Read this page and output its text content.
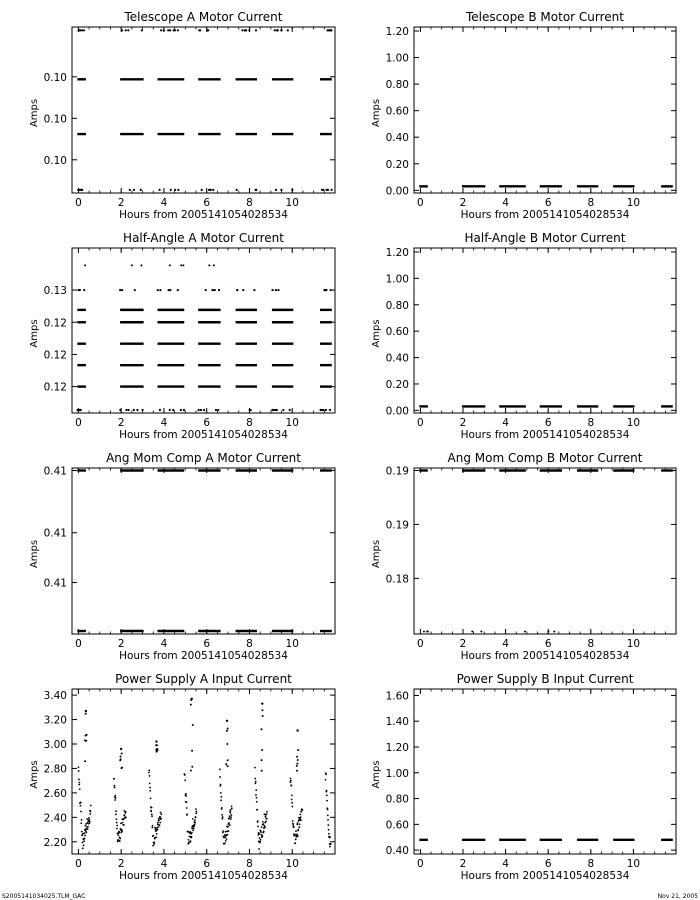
Telescope A Motor Current
Hours from 2005141054028534
Amps
0	2	4	6	8	10
0.10
0.10
0.10
Telescope B Motor Current
Hours from 2005141054028534
Amps
0	2	4	6	8	10
0.00
0.20
0.40
0.60
0.80
1.00
1.20
Half-Angle A Motor Current
Hours from 2005141054028534
Amps
0	2	4	6	8	10
0.12
0.12
0.12
0.13
Half-Angle B Motor Current
Hours from 2005141054028534
Amps
0	2	4	6	8	10
0.00
0.20
0.40
0.60
0.80
1.00
1.20
Ang Mom Comp A Motor Current
Hours from 2005141054028534
Amps
0	2	4	6	8	10
0.41
0.41
0.41
Ang Mom Comp B Motor Current
Hours from 2005141054028534
Amps
0	2	4	6	8	10
0.18
0.19
0.19
Power Supply A Input Current
Hours from 2005141054028534
Amps
0	2	4	6	8	10
2.20
2.40
2.60
2.80
3.00
3.20
3.40
Power Supply B Input Current
Hours from 2005141054028534
Amps
0	2	4	6	8	10
0.40
0.60
0.80
1.00
1.20
1.40
1.60
S2005141034025.TLM_GAC	Nov 21, 2005
